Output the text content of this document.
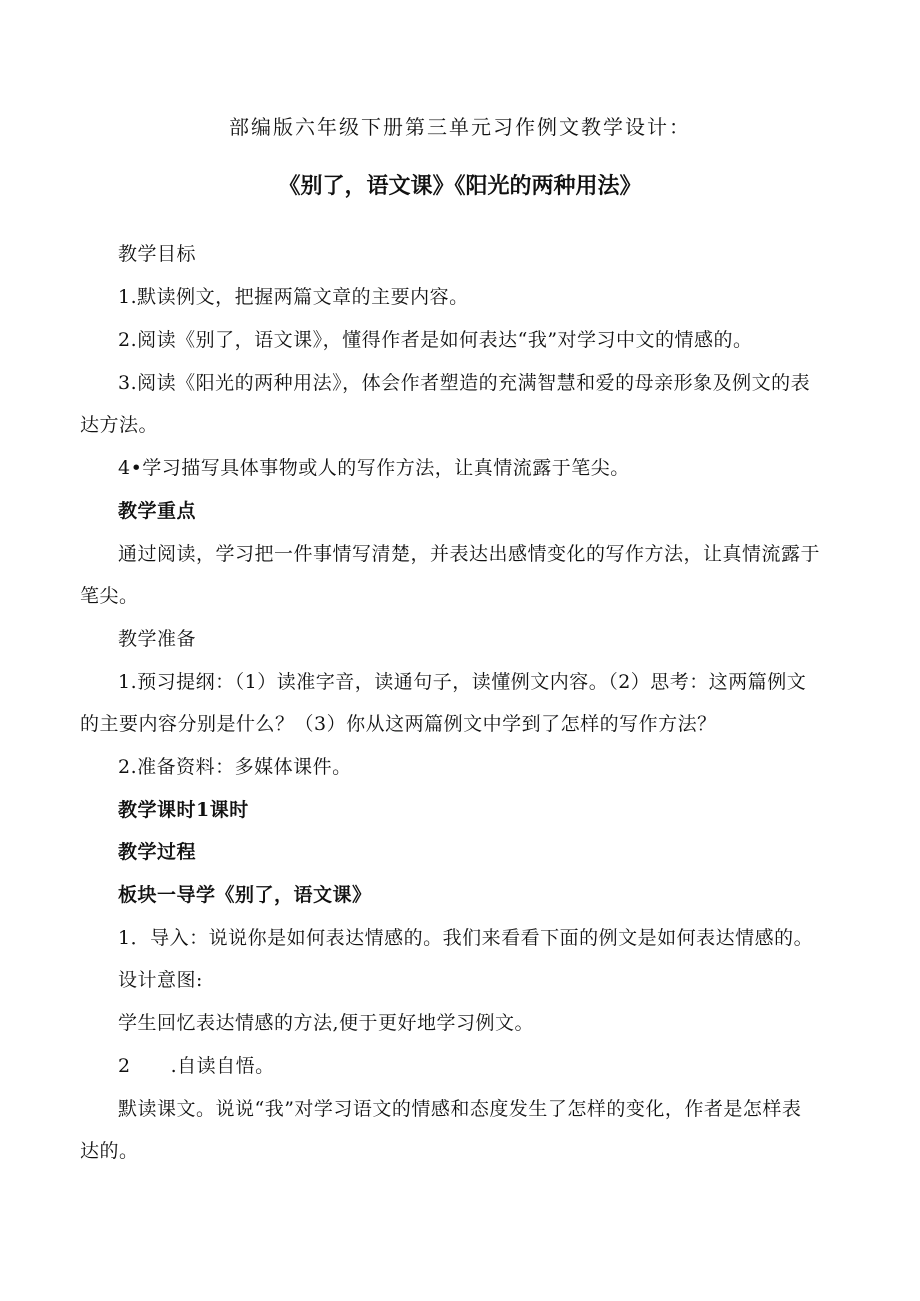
部编版六年级下册第三单元习作例文教学设计：
《别了，语文课》《阳光的两种用法》
教学目标
1.默读例文，把握两篇文章的主要内容。
2.阅读《别了，语文课》，懂得作者是如何表达“我”对学习中文的情感的。
3.阅读《阳光的两种用法》，体会作者塑造的充满智慧和爱的母亲形象及例文的表
达方法。
4•学习描写具体事物或人的写作方法，让真情流露于笔尖。
教学重点
通过阅读，学习把一件事情写清楚，并表达出感情变化的写作方法，让真情流露于
笔尖。
教学准备
1.预习提纲：（1）读准字音，读通句子，读懂例文内容。（2）思考：这两篇例文
的主要内容分别是什么？（3）你从这两篇例文中学到了怎样的写作方法？
2.准备资料：多媒体课件。
教学课时1课时
教学过程
板块一导学《别了，语文课》
1．导入：说说你是如何表达情感的。我们来看看下面的例文是如何表达情感的。
设计意图:
学生回忆表达情感的方法,便于更好地学习例文。
2 .自读自悟。
默读课文。说说“我”对学习语文的情感和态度发生了怎样的变化，作者是怎样表
达的。
